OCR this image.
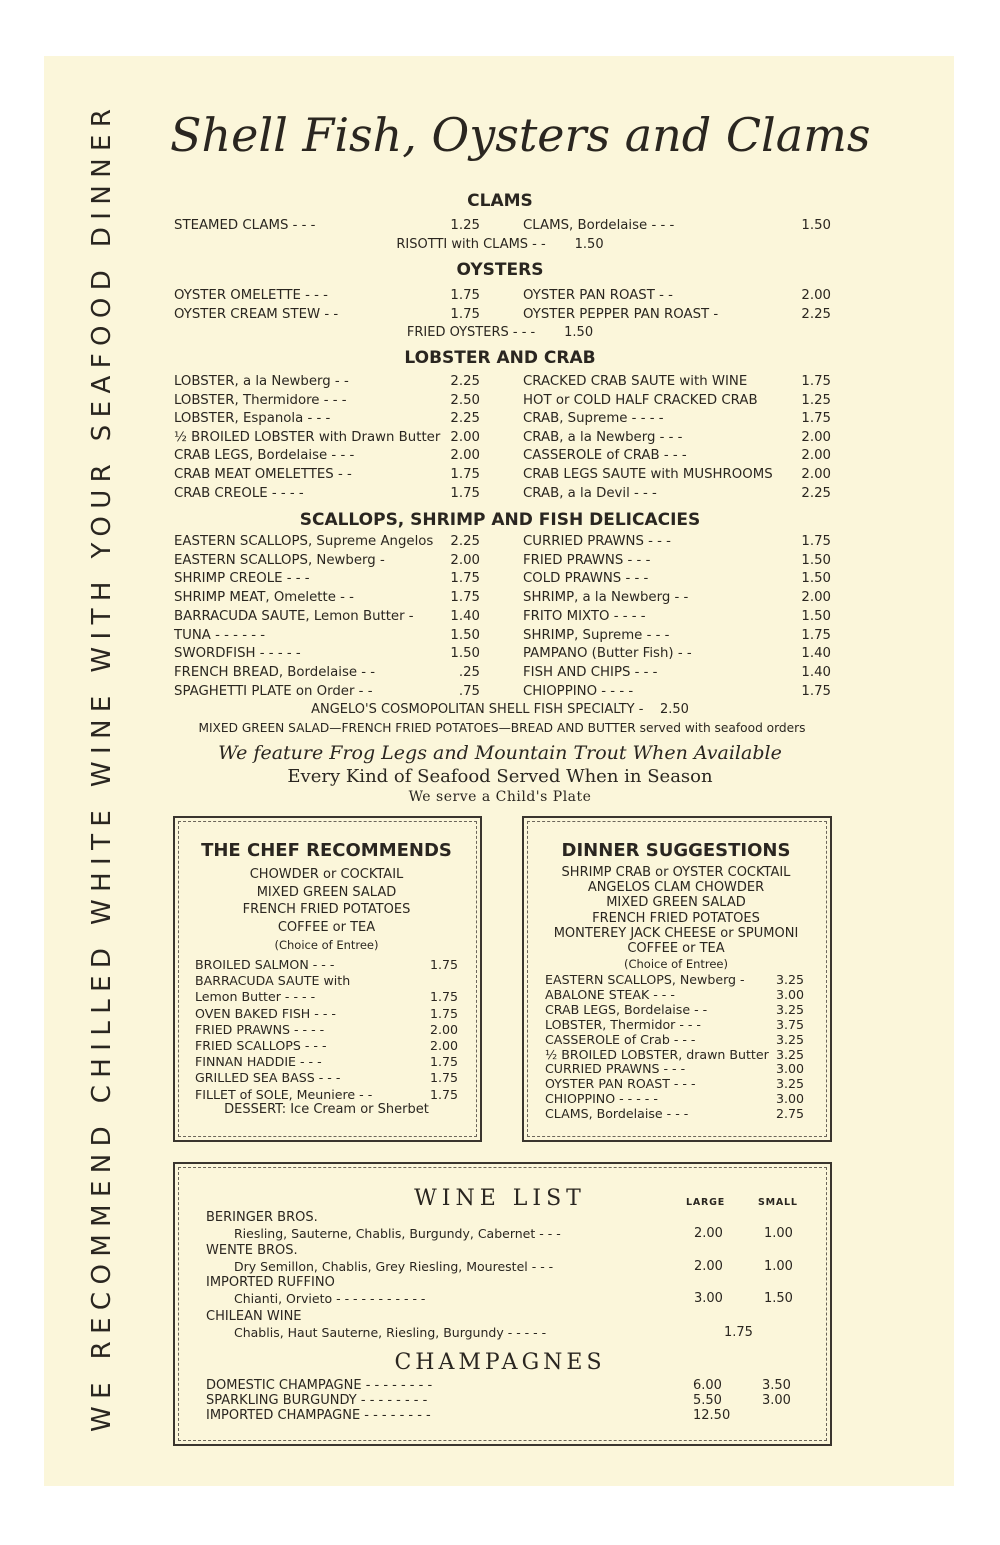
WE RECOMMEND CHILLED WHITE WINE WITH YOUR SEAFOOD DINNER Shell Fish, Oysters and Clams
CLAMS
STEAMED CLAMS - - -	1.25	CLAMS, Bordelaise - - -	1.50
RISOTTI with CLAMS - - 1.50
OYSTERS
OYSTER OMELETTE - - -	1.75	OYSTER PAN ROAST - -	2.00
OYSTER CREAM STEW - -	1.75	OYSTER PEPPER PAN ROAST -	2.25
FRIED OYSTERS - - - 1.50
LOBSTER AND CRAB
LOBSTER, a la Newberg - -	2.25	CRACKED CRAB SAUTE with WINE	1.75
LOBSTER, Thermidore - - -	2.50	HOT or COLD HALF CRACKED CRAB	1.25
LOBSTER, Espanola - - -	2.25	CRAB, Supreme - - - -	1.75
½ BROILED LOBSTER with Drawn Butter 2.00	CRAB, a la Newberg - - -	2.00
CRAB LEGS, Bordelaise - - -	2.00	CASSEROLE of CRAB - - -	2.00
CRAB MEAT OMELETTES - -	1.75	CRAB LEGS SAUTE with MUSHROOMS	2.00
CRAB CREOLE - - - -	1.75	CRAB, a la Devil - - -	2.25
SCALLOPS, SHRIMP AND FISH DELICACIES
EASTERN SCALLOPS, Supreme Angelos	2.25	CURRIED PRAWNS - - -	1.75
EASTERN SCALLOPS, Newberg -	2.00	FRIED PRAWNS - - -	1.50
SHRIMP CREOLE - - -	1.75	COLD PRAWNS - - -	1.50
SHRIMP MEAT, Omelette - -	1.75	SHRIMP, a la Newberg - -	2.00
BARRACUDA SAUTE, Lemon Butter -	1.40	FRITO MIXTO - - - -	1.50
TUNA - - - - - -	1.50	SHRIMP, Supreme - - -	1.75
SWORDFISH - - - - -	1.50	PAMPANO (Butter Fish) - -	1.40
FRENCH BREAD, Bordelaise - -	.25	FISH AND CHIPS - - -	1.40
SPAGHETTI PLATE on Order - -	.75	CHIOPPINO - - - -	1.75
ANGELO'S COSMOPOLITAN SHELL FISH SPECIALTY - 2.50
MIXED GREEN SALAD—FRENCH FRIED POTATOES—BREAD AND BUTTER served with seafood orders
We feature Frog Legs and Mountain Trout When Available
Every Kind of Seafood Served When in Season
We serve a Child's Plate
THE CHEF RECOMMENDS
CHOWDER or COCKTAIL
MIXED GREEN SALAD
FRENCH FRIED POTATOES
COFFEE or TEA
(Choice of Entree)
BROILED SALMON - - -	1.75
BARRACUDA SAUTE with
Lemon Butter - - - -	1.75
OVEN BAKED FISH - - -	1.75
FRIED PRAWNS - - - -	2.00
FRIED SCALLOPS - - -	2.00
FINNAN HADDIE - - -	1.75
GRILLED SEA BASS - - -	1.75
FILLET of SOLE, Meuniere - -	1.75
DESSERT: Ice Cream or Sherbet
DINNER SUGGESTIONS
SHRIMP CRAB or OYSTER COCKTAIL
ANGELOS CLAM CHOWDER
MIXED GREEN SALAD
FRENCH FRIED POTATOES
MONTEREY JACK CHEESE or SPUMONI
COFFEE or TEA
(Choice of Entree)
EASTERN SCALLOPS, Newberg -	3.25
ABALONE STEAK - - -	3.00
CRAB LEGS, Bordelaise - -	3.25
LOBSTER, Thermidor - - -	3.75
CASSEROLE of Crab - - -	3.25
½ BROILED LOBSTER, drawn Butter 3.25
CURRIED PRAWNS - - -	3.00
OYSTER PAN ROAST - - -	3.25
CHIOPPINO - - - - -	3.00
CLAMS, Bordelaise - - -	2.75
WINE LIST	LARGE	SMALL
BERINGER BROS.
Riesling, Sauterne, Chablis, Burgundy, Cabernet - - -	2.00	1.00
WENTE BROS.
Dry Semillon, Chablis, Grey Riesling, Mourestel - - -	2.00	1.00
IMPORTED RUFFINO
Chianti, Orvieto - - - - - - - - - - -	3.00	1.50
CHILEAN WINE
Chablis, Haut Sauterne, Riesling, Burgundy - - - - -	1.75
CHAMPAGNES
DOMESTIC CHAMPAGNE - - - - - - - -	6.00	3.50
SPARKLING BURGUNDY - - - - - - - -	5.50	3.00
IMPORTED CHAMPAGNE - - - - - - - -	12.50
